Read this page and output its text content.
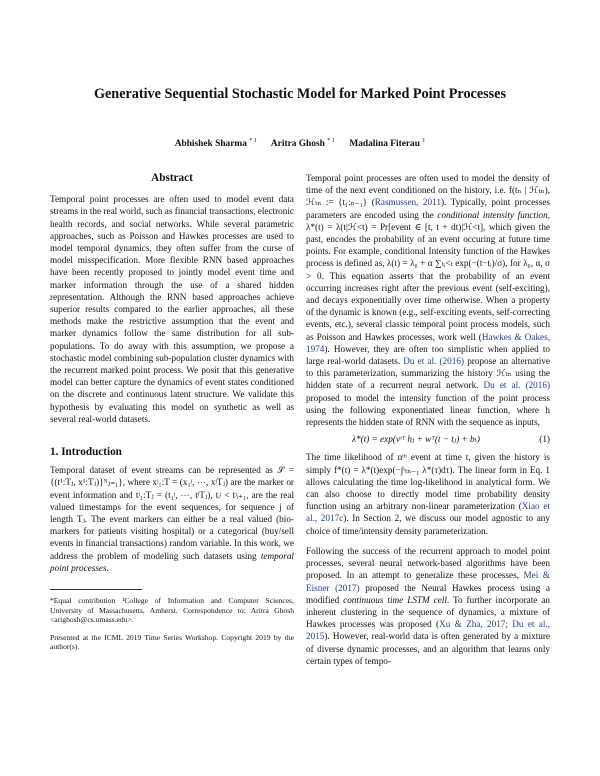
Generative Sequential Stochastic Model for Marked Point Processes
Abhishek Sharma $^{* 1}$ Aritra Ghosh $^{* 1}$ Madalina Fiterau $^1$
Abstract

Temporal point processes are often used to model event data streams in the real world, such as financial transactions, electronic health records, and social networks. While several parametric approaches, such as Poisson and Hawkes processes are used to model temporal dynamics, they often suffer from the curse of model misspecification. More flexible RNN based approaches have been recently proposed to jointly model event time and marker information through the use of a shared hidden representation. Although the RNN based approaches achieve superior results compared to the earlier approaches, all these methods make the restrictive assumption that the event and marker dynamics follow the same distribution for all sub-populations. To do away with this assumption, we propose a stochastic model combining sub-population cluster dynamics with the recurrent marked point process. We posit that this generative model can better capture the dynamics of event states conditioned on the discrete and continuous latent structure. We validate this hypothesis by evaluating this model on synthetic as well as several real-world datasets.

1. Introduction

Temporal dataset of event streams can be represented as 𝒮 = {(t¹:Tⱼ, x¹:Tⱼ)}ᴺⱼ₌₁}, where xʲ₁:T = (x₁ʲ, ⋯, xʲTⱼ) are the marker or event information and tʲ₁:Tⱼ = (t₁ʲ, ⋯, tʲTⱼ), tᵢʲ < tʲᵢ₊₁, are the real valued timestamps for the event sequences, for sequence j of length Tⱼ. The event markers can either be a real valued (bio-markers for patients visiting hospital) or a categorical (buy/sell events in financial transactions) random variable. In this work, we address the problem of modeling such datasets using temporal point processes.

*Equal contribution ¹College of Information and Computer Sciences, University of Massachusetts, Amherst. Correspondence to: Aritra Ghosh <arighosh@cs.umass.edu>.

Presented at the ICML 2019 Time Series Workshop. Copyright 2019 by the author(s).

Temporal point processes are often used to model the density of time of the next event conditioned on the history, i.e. f(tₙ | ℋₜₙ), ℋₜₙ := {t₁:ₙ₋₁} (Rasmussen, 2011). Typically, point processes parameters are encoded using the conditional intensity function, λ*(t) = λ(t|ℋ<t) = Pr[event ∈ [t, t + dt)|ℋ<t], which given the past, encodes the probability of an event occuring at future time points. For example, conditional Intensity function of the Hawkes process is defined as, λ(t) = λ₀ + α ∑ₜᵢ<ₜ exp(−(t−tᵢ)/σ), for λ₀, α, σ > 0. This equation asserts that the probability of an event occurring increases right after the previous event (self-exciting), and decays exponentially over time otherwise. When a property of the dynamic is known (e.g., self-exciting events, self-correcting events, etc.), several classic temporal point process models, such as Poisson and Hawkes processes, work well (Hawkes & Oakes, 1974). However, they are often too simplistic when applied to large real-world datasets. Du et al. (2016) propose an alternative to this parameterization, summarizing the history ℋₜₙ using the hidden state of a recurrent neural network. Du et al. (2016) proposed to model the intensity function of the point process using the following exponentiated linear function, where h represents the hidden state of RNN with the sequence as inputs,

λ*(t) = exp(vᵗᵀ hⱼ + wᵀ(t − tⱼ) + bₜ)	(1)

The time likelihood of nᵗʰ event at time t, given the history is simply f*(t) = λ*(t)exp(−∫ᵗₜₙ₋₁ λ*(τ)dτ). The linear form in Eq. 1 allows calculating the time log-likelihood in analytical form. We can also choose to directly model time probability density function using an arbitrary non-linear parameterization (Xiao et al., 2017c). In Section 2, we discuss our model agnostic to any choice of time/intensity density parameterization.

Following the success of the recurrent approach to model point processes, several neural network-based algorithms have been proposed. In an attempt to generalize these processes, Mei & Eisner (2017) proposed the Neural Hawkes process using a modified continuous time LSTM cell. To further incorporate an inherent clustering in the sequence of dynamics, a mixture of Hawkes processes was proposed (Xu & Zha, 2017; Du et al., 2015). However, real-world data is often generated by a mixture of diverse dynamic processes, and an algorithm that learns only certain types of tempo-
